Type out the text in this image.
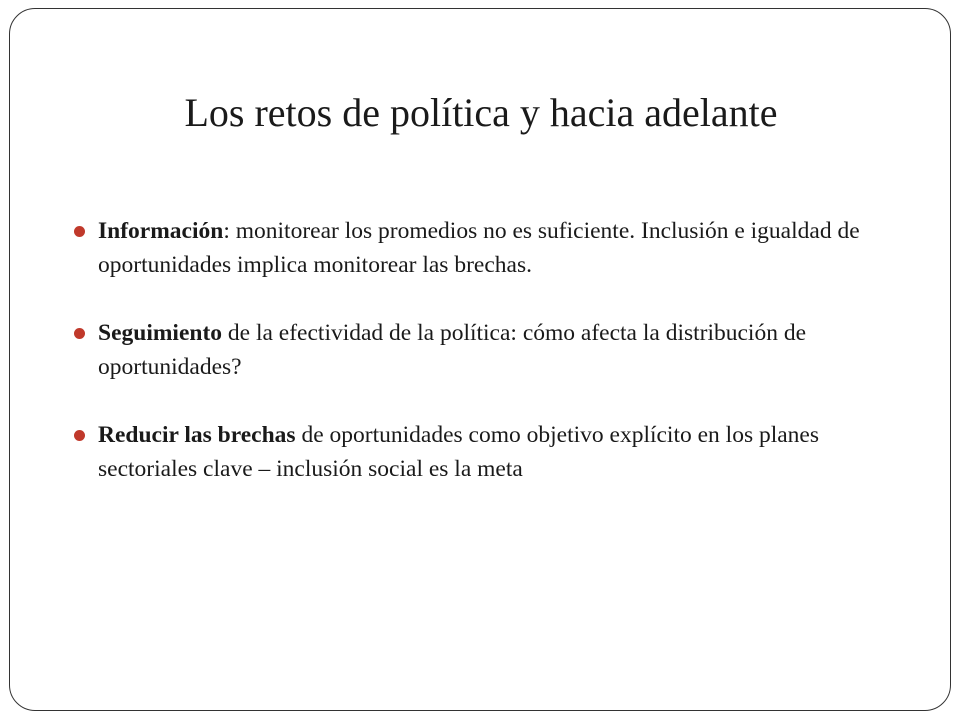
Los retos de política y hacia adelante
Información: monitorear los promedios no es suficiente. Inclusión e igualdad de oportunidades implica monitorear las brechas.
Seguimiento de la efectividad de la política: cómo afecta la distribución de oportunidades?
Reducir las brechas de oportunidades como objetivo explícito en los planes sectoriales clave – inclusión social es la meta
